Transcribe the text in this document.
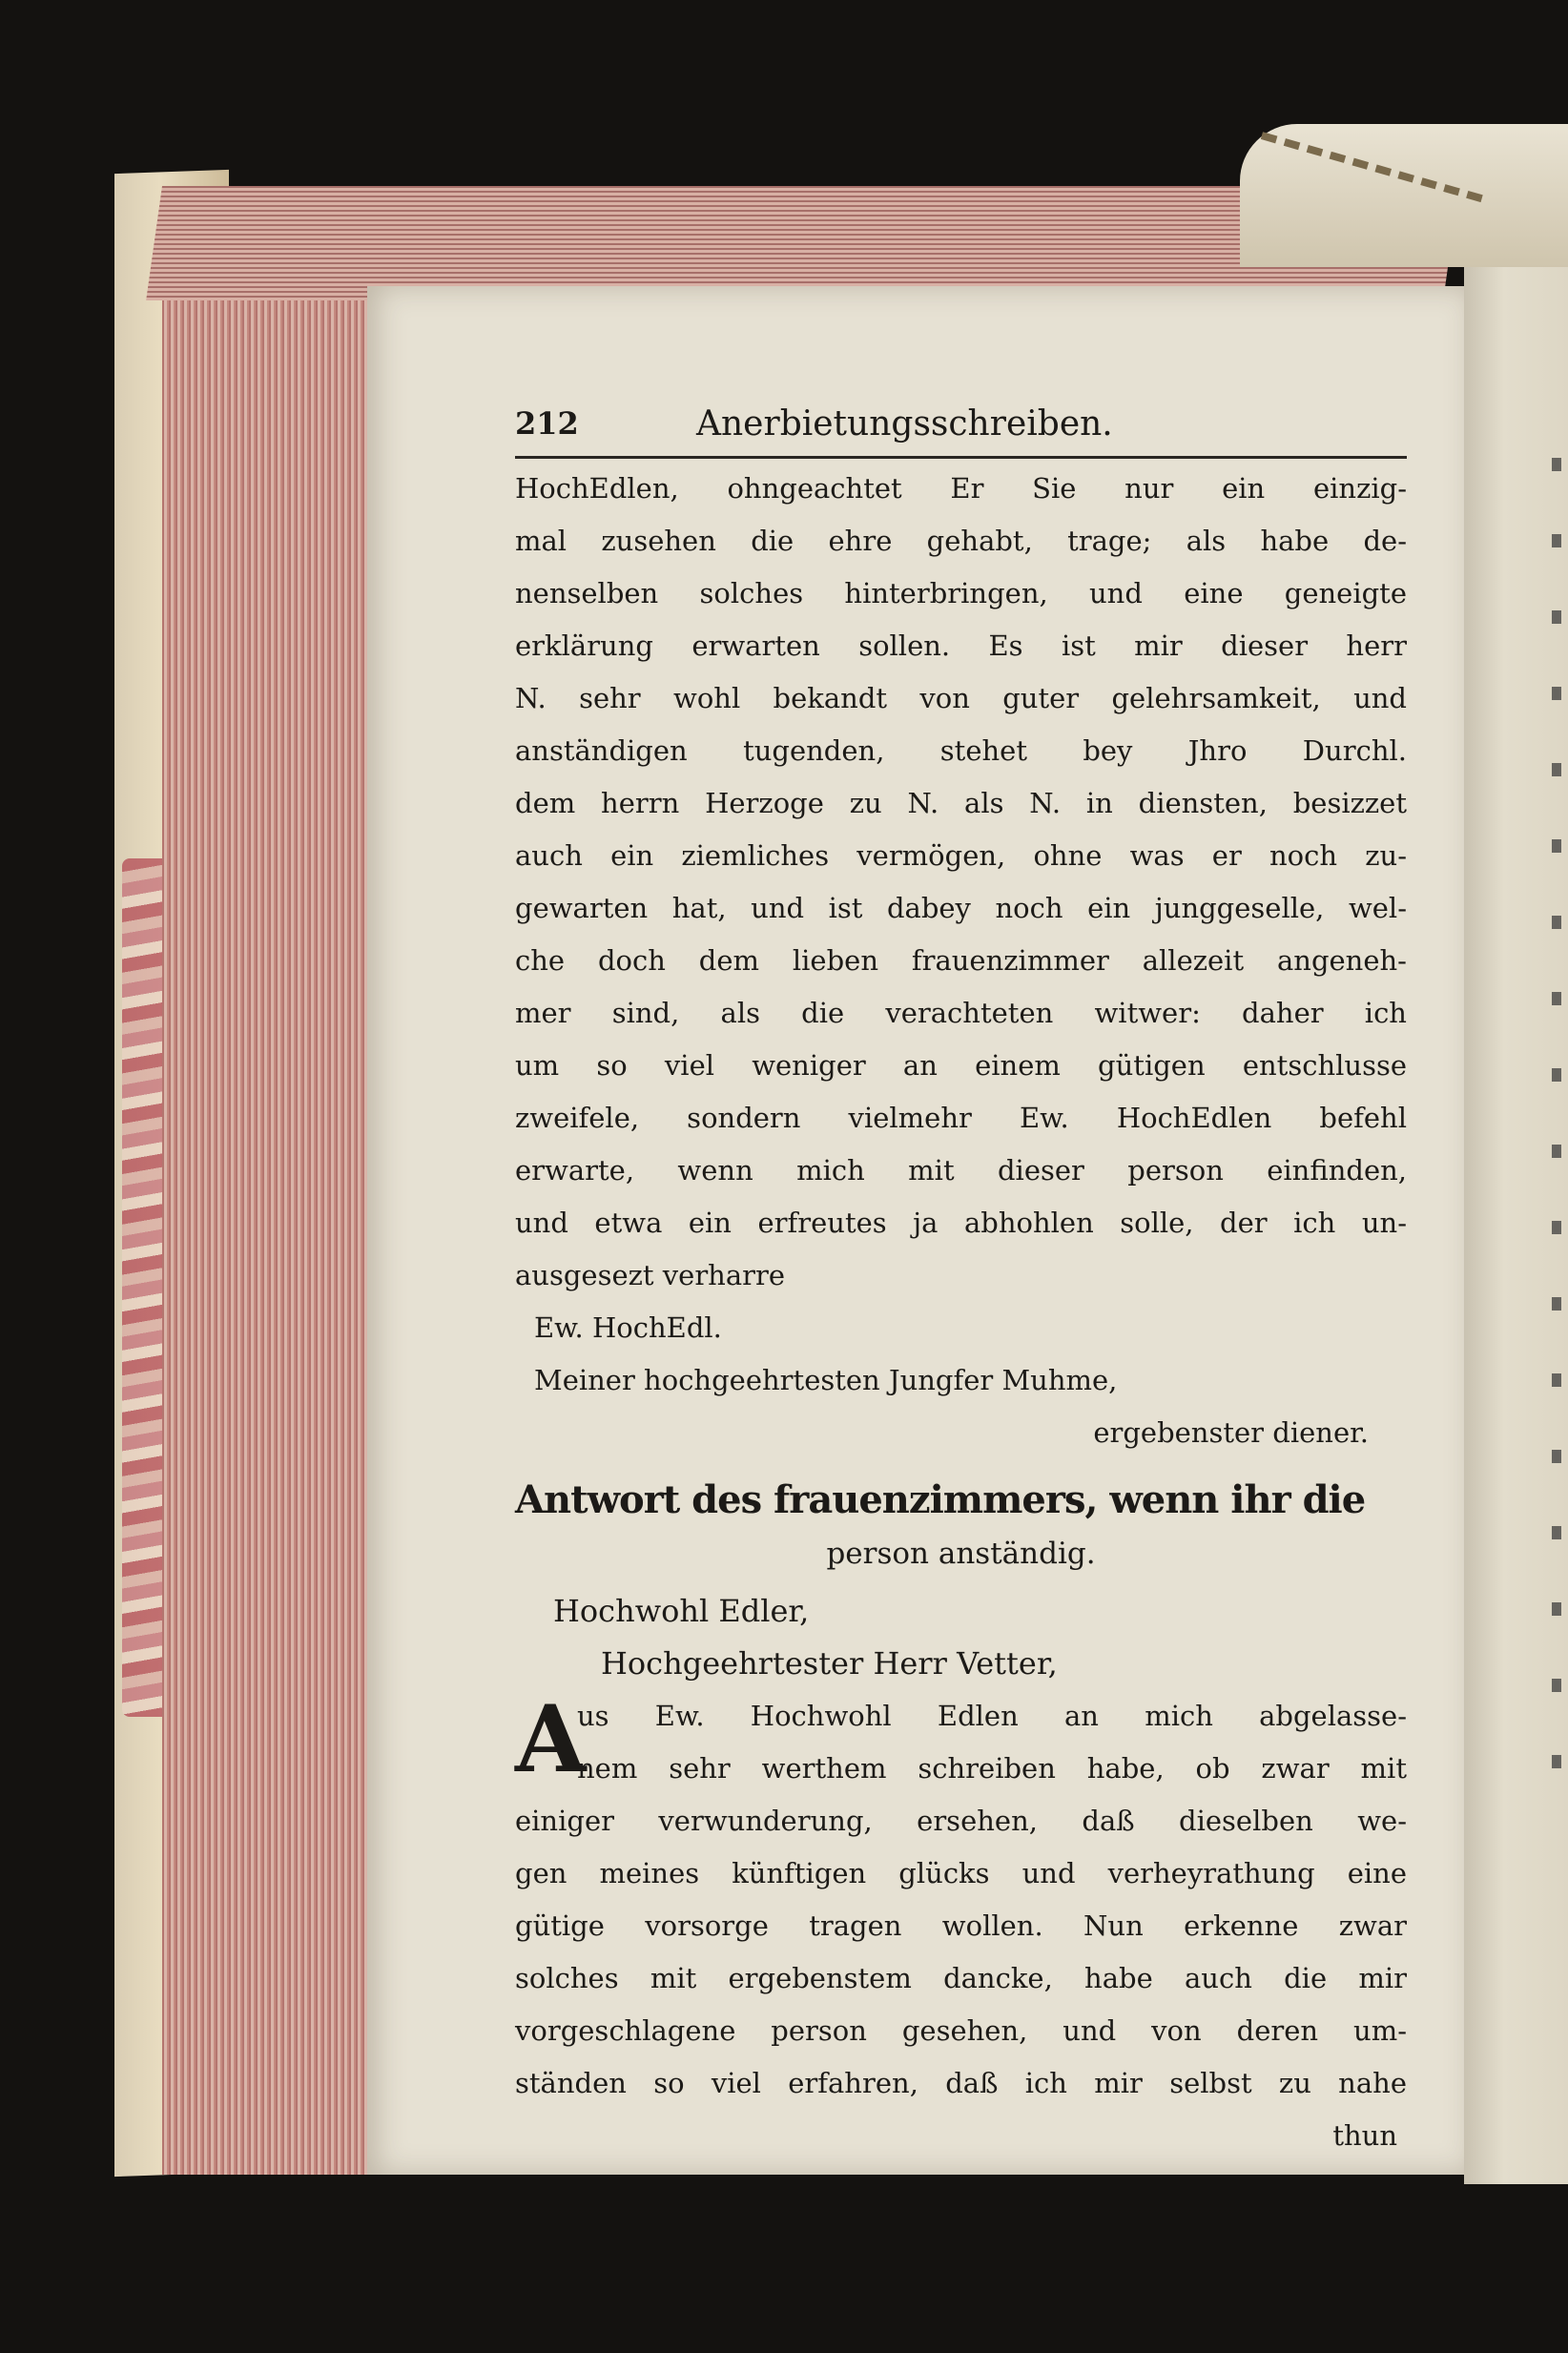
212	Anerbietungsschreiben.
HochEdlen, ohngeachtet Er Sie nur ein einzig-
mal zusehen die ehre gehabt, trage; als habe de-
nenselben solches hinterbringen, und eine geneigte
erklärung erwarten sollen. Es ist mir dieser herr
N. sehr wohl bekandt von guter gelehrsamkeit, und
anständigen tugenden, stehet bey Jhro Durchl.
dem herrn Herzoge zu N. als N. in diensten, besizzet
auch ein ziemliches vermögen, ohne was er noch zu-
gewarten hat, und ist dabey noch ein junggeselle, wel-
che doch dem lieben frauenzimmer allezeit angeneh-
mer sind, als die verachteten witwer: daher ich
um so viel weniger an einem gütigen entschlusse
zweifele, sondern vielmehr Ew. HochEdlen befehl
erwarte, wenn mich mit dieser person einfinden,
und etwa ein erfreutes ja abhohlen solle, der ich un-
ausgesezt verharre
Ew. HochEdl.
Meiner hochgeehrtesten Jungfer Muhme,
ergebenster diener.
Antwort des frauenzimmers, wenn ihr die
person anständig.
Hochwohl Edler,
Hochgeehrtester Herr Vetter,
A
us Ew. Hochwohl Edlen an mich abgelasse-
nem sehr werthem schreiben habe, ob zwar mit
einiger verwunderung, ersehen, daß dieselben we-
gen meines künftigen glücks und verheyrathung eine
gütige vorsorge tragen wollen. Nun erkenne zwar
solches mit ergebenstem dancke, habe auch die mir
vorgeschlagene person gesehen, und von deren um-
ständen so viel erfahren, daß ich mir selbst zu nahe
thun
